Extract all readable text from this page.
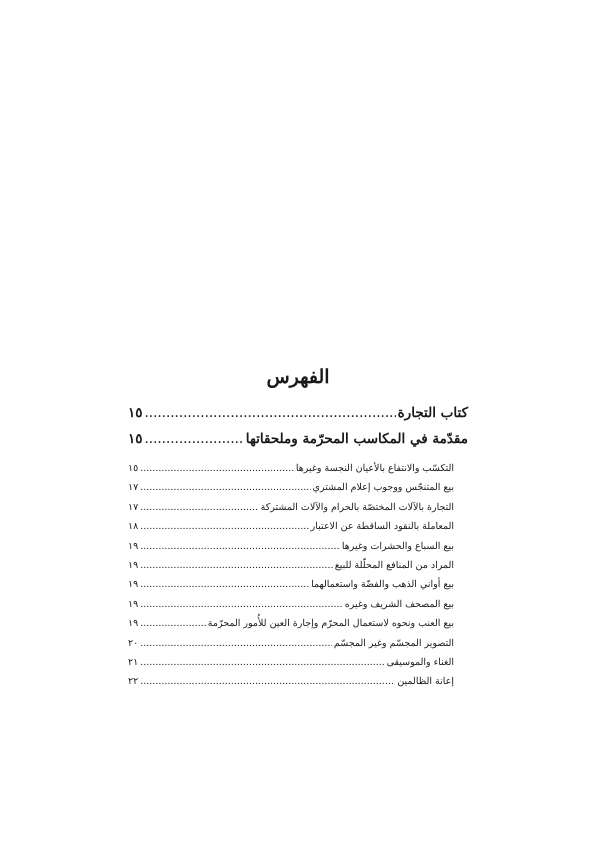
الفهرس
كتاب التجارة
.....
١٥
مقدّمة في المكاسب المحرّمة وملحقاتها
.....
١٥
التكسّب والانتفاع بالأعيان النجسة وغيرها
.....
١٥
بيع المتنجّس ووجوب إعلام المشتري
.....
١٧
التجارة بالآلات المختصّة بالحرام والآلات المشتركة
.....
١٧
المعاملة بالنقود الساقطة عن الاعتبار
.....
١٨
بيع السباع والحشرات وغيرها
.....
١٩
المراد من المنافع المحلّلة للبيع
.....
١٩
بيع أواني الذهب والفضّة واستعمالهما
.....
١٩
بيع المصحف الشريف وغيره
.....
١٩
بيع العنب ونحوه لاستعمال المحرّم وإجارة العين للأُمور المحرّمة
.....
١٩
التصوير المجسّم وغير المجسّم
.....
٢٠
الغناء والموسيقى
.....
٢١
إعانة الظالمين
.....
٢٢
